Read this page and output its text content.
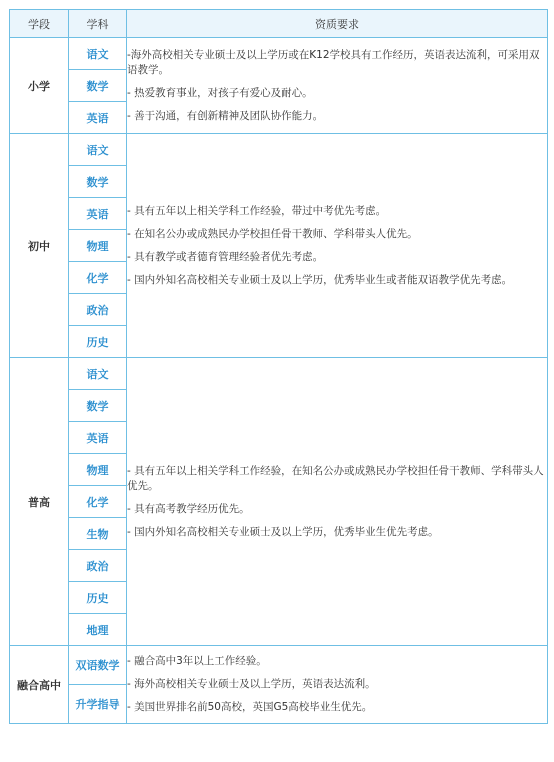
学段	学科	资质要求
小学	语文	-海外高校相关专业硕士及以上学历或在K12学校具有工作经历，英语表达流利，可采用双语教学。
- 热爱教育事业，对孩子有爱心及耐心。
- 善于沟通，有创新精神及团队协作能力。

	数学	
	英语	
初中	语文	- 具有五年以上相关学科工作经验，带过中考优先考虑。
- 在知名公办或成熟民办学校担任骨干教师、学科带头人优先。
- 具有教学或者德育管理经验者优先考虑。
- 国内外知名高校相关专业硕士及以上学历，优秀毕业生或者能双语教学优先考虑。

	数学	
	英语	
	物理	
	化学	
	政治	
	历史	
普高	语文	- 具有五年以上相关学科工作经验，在知名公办或成熟民办学校担任骨干教师、学科带头人优先。
- 具有高考教学经历优先。
- 国内外知名高校相关专业硕士及以上学历，优秀毕业生优先考虑。

	数学	
	英语	
	物理	
	化学	
	生物	
	政治	
	历史	
	地理	
融合高中	双语数学	- 融合高中3年以上工作经验。
- 海外高校相关专业硕士及以上学历，英语表达流利。
- 美国世界排名前50高校，英国G5高校毕业生优先。

	升学指导	
